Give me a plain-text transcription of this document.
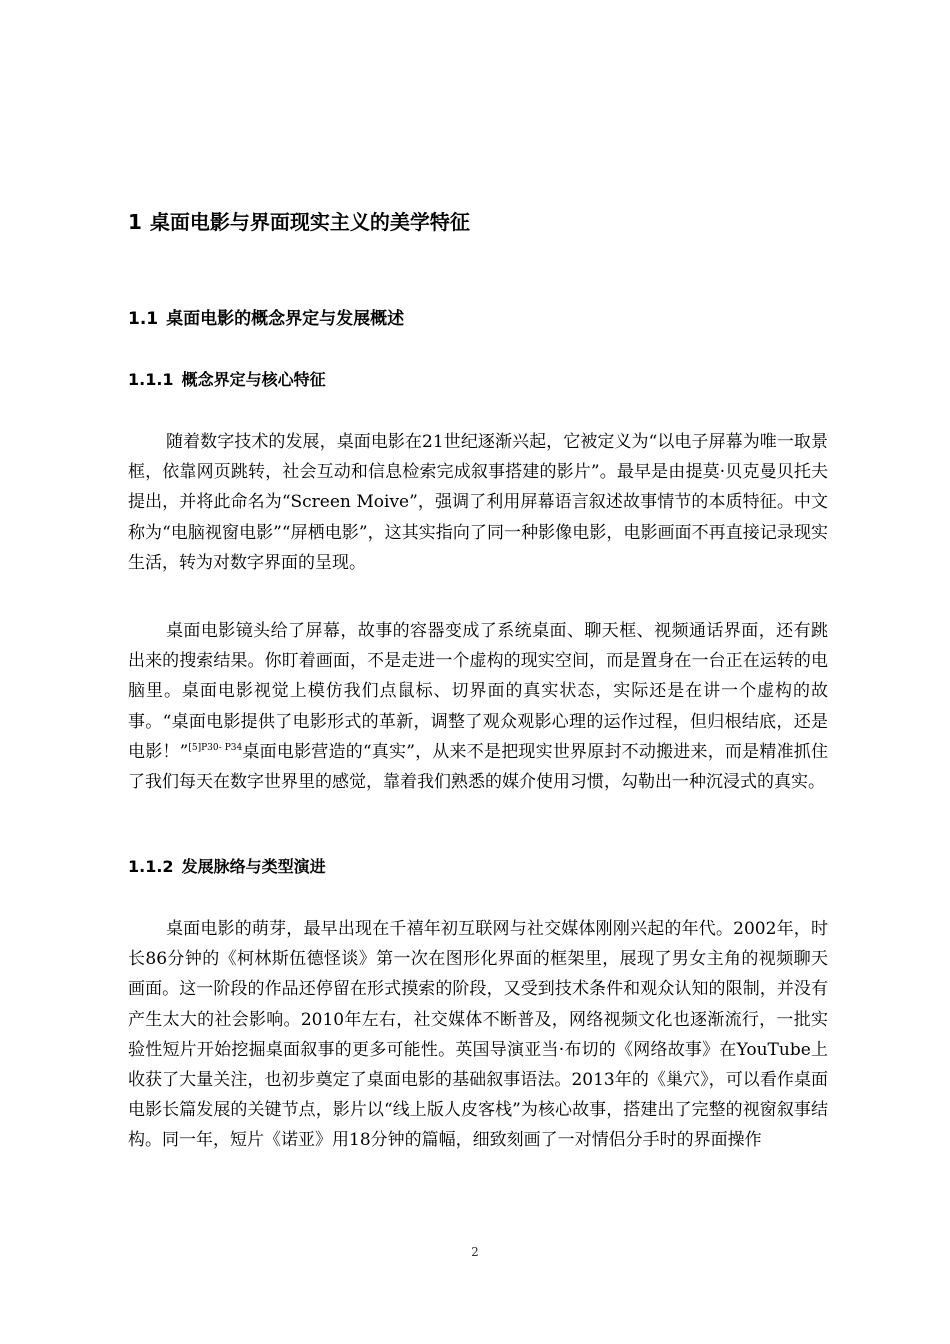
1 桌面电影与界面现实主义的美学特征
1.1 桌面电影的概念界定与发展概述
1.1.1 概念界定与核心特征

随着数字技术的发展，桌面电影在21世纪逐渐兴起，它被定义为“以电子屏幕为唯一取景框，依靠网页跳转，社会互动和信息检索完成叙事搭建的影片”。最早是由提莫·贝克曼贝托夫提出，并将此命名为“Screen Moive”，强调了利用屏幕语言叙述故事情节的本质特征。中文称为“电脑视窗电影”“屏栖电影”，这其实指向了同一种影像电影，电影画面不再直接记录现实生活，转为对数字界面的呈现。

桌面电影镜头给了屏幕，故事的容器变成了系统桌面、聊天框、视频通话界面，还有跳出来的搜索结果。你盯着画面，不是走进一个虚构的现实空间，而是置身在一台正在运转的电脑里。桌面电影视觉上模仿我们点鼠标、切界面的真实状态，实际还是在讲一个虚构的故事。“桌面电影提供了电影形式的革新，调整了观众观影心理的运作过程，但归根结底，还是电影！”$^{[5]P30- P34}$桌面电影营造的“真实”，从来不是把现实世界原封不动搬进来，而是精准抓住了我们每天在数字世界里的感觉，靠着我们熟悉的媒介使用习惯，勾勒出一种沉浸式的真实。

1.1.2 发展脉络与类型演进

桌面电影的萌芽，最早出现在千禧年初互联网与社交媒体刚刚兴起的年代。2002年，时长86分钟的《柯林斯伍德怪谈》第一次在图形化界面的框架里，展现了男女主角的视频聊天画面。这一阶段的作品还停留在形式摸索的阶段，又受到技术条件和观众认知的限制，并没有产生太大的社会影响。2010年左右，社交媒体不断普及，网络视频文化也逐渐流行，一批实验性短片开始挖掘桌面叙事的更多可能性。英国导演亚当·布切的《网络故事》在YouTube上收获了大量关注，也初步奠定了桌面电影的基础叙事语法。2013年的《巢穴》，可以看作桌面电影长篇发展的关键节点，影片以“线上版人皮客栈”为核心故事，搭建出了完整的视窗叙事结构。同一年，短片《诺亚》用18分钟的篇幅，细致刻画了一对情侣分手时的界面操作

2
